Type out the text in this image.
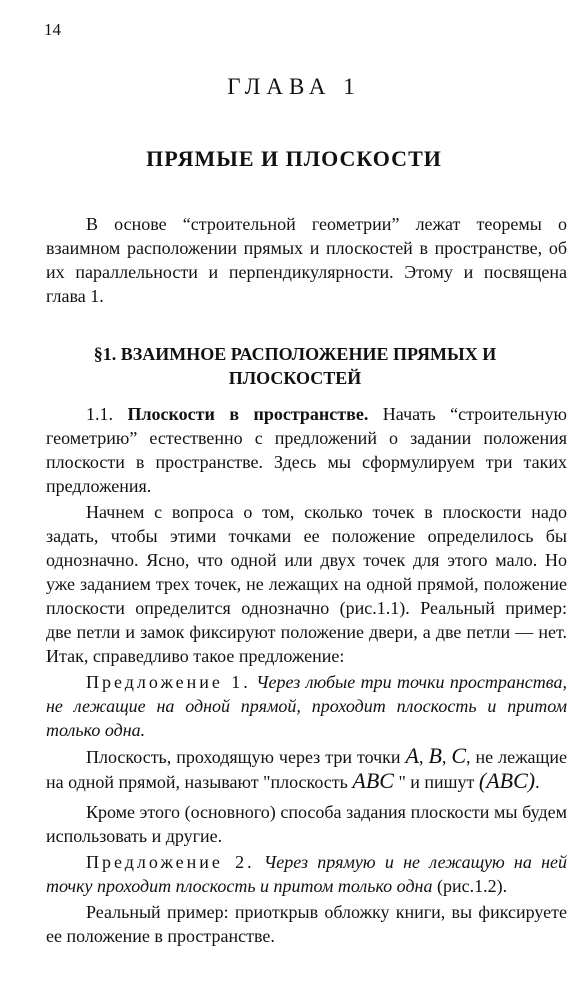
14
ГЛАВА 1
ПРЯМЫЕ И ПЛОСКОСТИ

В основе “строительной геометрии” лежат теоремы о взаимном расположении прямых и плоскостей в пространстве, об их параллельности и перпендикулярности. Этому и посвящена глава 1.

§1. ВЗАИМНОЕ РАСПОЛОЖЕНИЕ ПРЯМЫХ И
ПЛОСКОСТЕЙ

1.1. Плоскости в пространстве. Начать “строительную геометрию” естественно с предложений о задании положения плоскости в пространстве. Здесь мы сформулируем три таких предложения.

Начнем с вопроса о том, сколько точек в плоскости надо задать, чтобы этими точками ее положение определилось бы однозначно. Ясно, что одной или двух точек для этого мало. Но уже заданием трех точек, не лежащих на одной прямой, положение плоскости определится однозначно (рис.1.1). Реальный пример: две петли и замок фиксируют положение двери, а две петли — нет. Итак, справедливо такое предложение:

Предложение 1. Через любые три точки пространства, не лежащие на одной прямой, проходит плоскость и притом только одна.

Плоскость, проходящую через три точки A, B, C, не лежащие на одной прямой, называют "плоскость ABC " и пишут (ABC).

Кроме этого (основного) способа задания плоскости мы будем использовать и другие.

Предложение 2. Через прямую и не лежащую на ней точку проходит плоскость и притом только одна (рис.1.2).

Реальный пример: приоткрыв обложку книги, вы фиксируете ее положение в пространстве.
